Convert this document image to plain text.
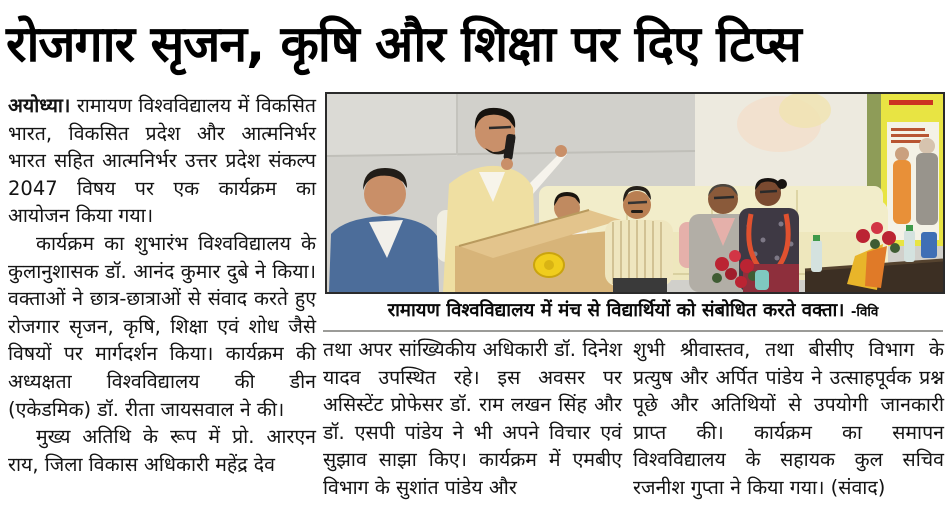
रोजगार सृजन, कृषि और शिक्षा पर दिए टिप्स

अयोध्या। रामायण विश्वविद्यालय में विकसित भारत, विकसित प्रदेश और आत्मनिर्भर भारत सहित आत्मनिर्भर उत्तर प्रदेश संकल्प 2047 विषय पर एक कार्यक्रम का आयोजन किया गया।

कार्यक्रम का शुभारंभ विश्वविद्यालय के कुलानुशासक डॉ. आनंद कुमार दुबे ने किया। वक्ताओं ने छात्र-छात्राओं से संवाद करते हुए रोजगार सृजन, कृषि, शिक्षा एवं शोध जैसे विषयों पर मार्गदर्शन किया। कार्यक्रम की अध्यक्षता विश्वविद्यालय की डीन (एकेडमिक) डॉ. रीता जायसवाल ने की।

मुख्य अतिथि के रूप में प्रो. आरएन राय, जिला विकास अधिकारी महेंद्र देव

रामायण विश्वविद्यालय में मंच से विद्यार्थियों को संबोधित करते वक्ता। -विवि

तथा अपर सांख्यिकीय अधिकारी डॉ. दिनेश यादव उपस्थित रहे। इस अवसर पर असिस्टेंट प्रोफेसर डॉ. राम लखन सिंह और डॉ. एसपी पांडेय ने भी अपने विचार एवं सुझाव साझा किए। कार्यक्रम में एमबीए विभाग के सुशांत पांडेय और

शुभी श्रीवास्तव, तथा बीसीए विभाग के प्रत्युष और अर्पित पांडेय ने उत्साहपूर्वक प्रश्न पूछे और अतिथियों से उपयोगी जानकारी प्राप्त की। कार्यक्रम का समापन विश्वविद्यालय के सहायक कुल सचिव रजनीश गुप्ता ने किया गया। (संवाद)
